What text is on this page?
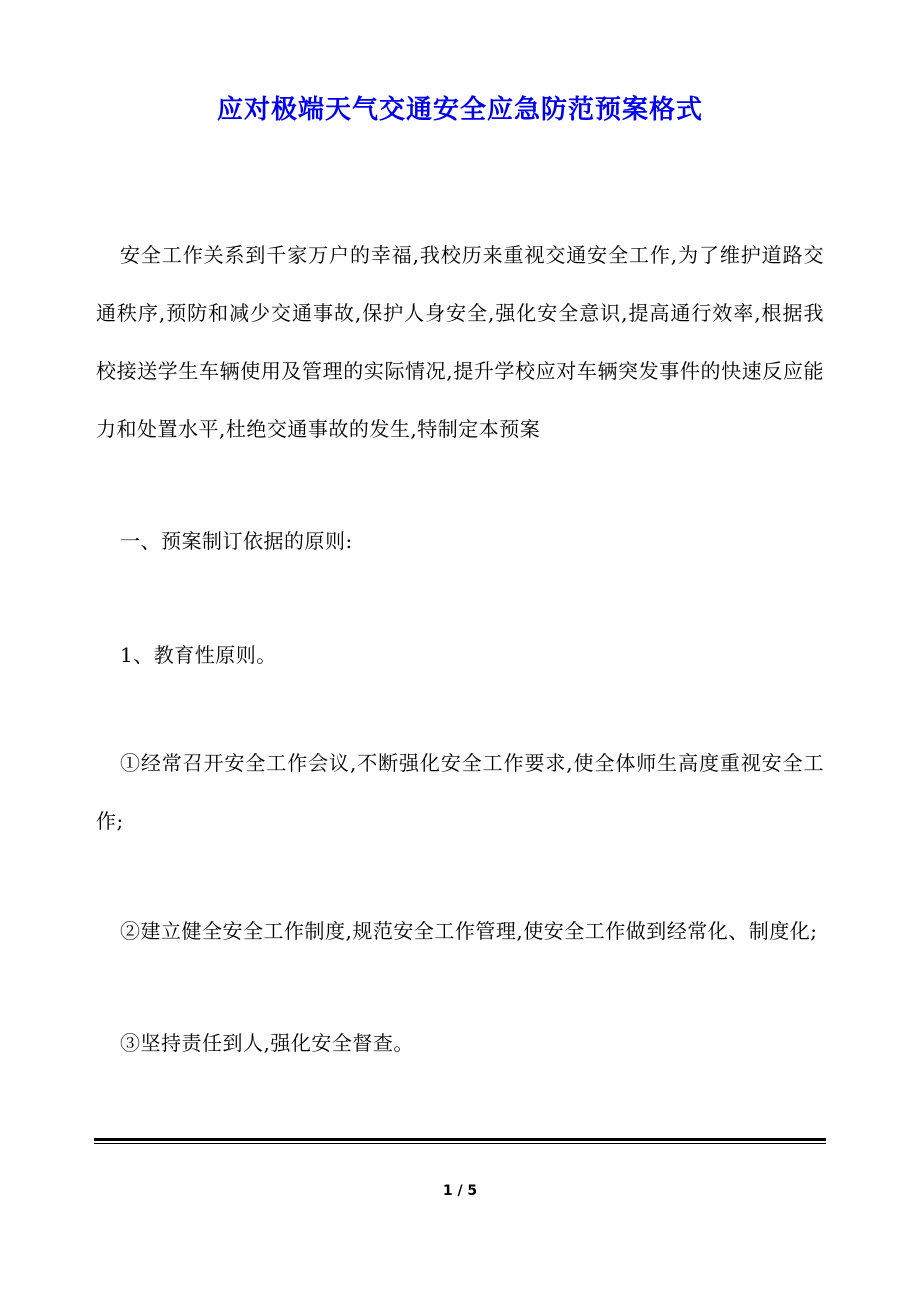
应对极端天气交通安全应急防范预案格式

安全工作关系到千家万户的幸福,我校历来重视交通安全工作,为了维护道路交通秩序,预防和减少交通事故,保护人身安全,强化安全意识,提高通行效率,根据我校接送学生车辆使用及管理的实际情况,提升学校应对车辆突发事件的快速反应能力和处置水平,杜绝交通事故的发生,特制定本预案

一、预案制订依据的原则:

1、教育性原则。

①经常召开安全工作会议,不断强化安全工作要求,使全体师生高度重视安全工作;

②建立健全安全工作制度,规范安全工作管理,使安全工作做到经常化、制度化;

③坚持责任到人,强化安全督查。

1 / 5
